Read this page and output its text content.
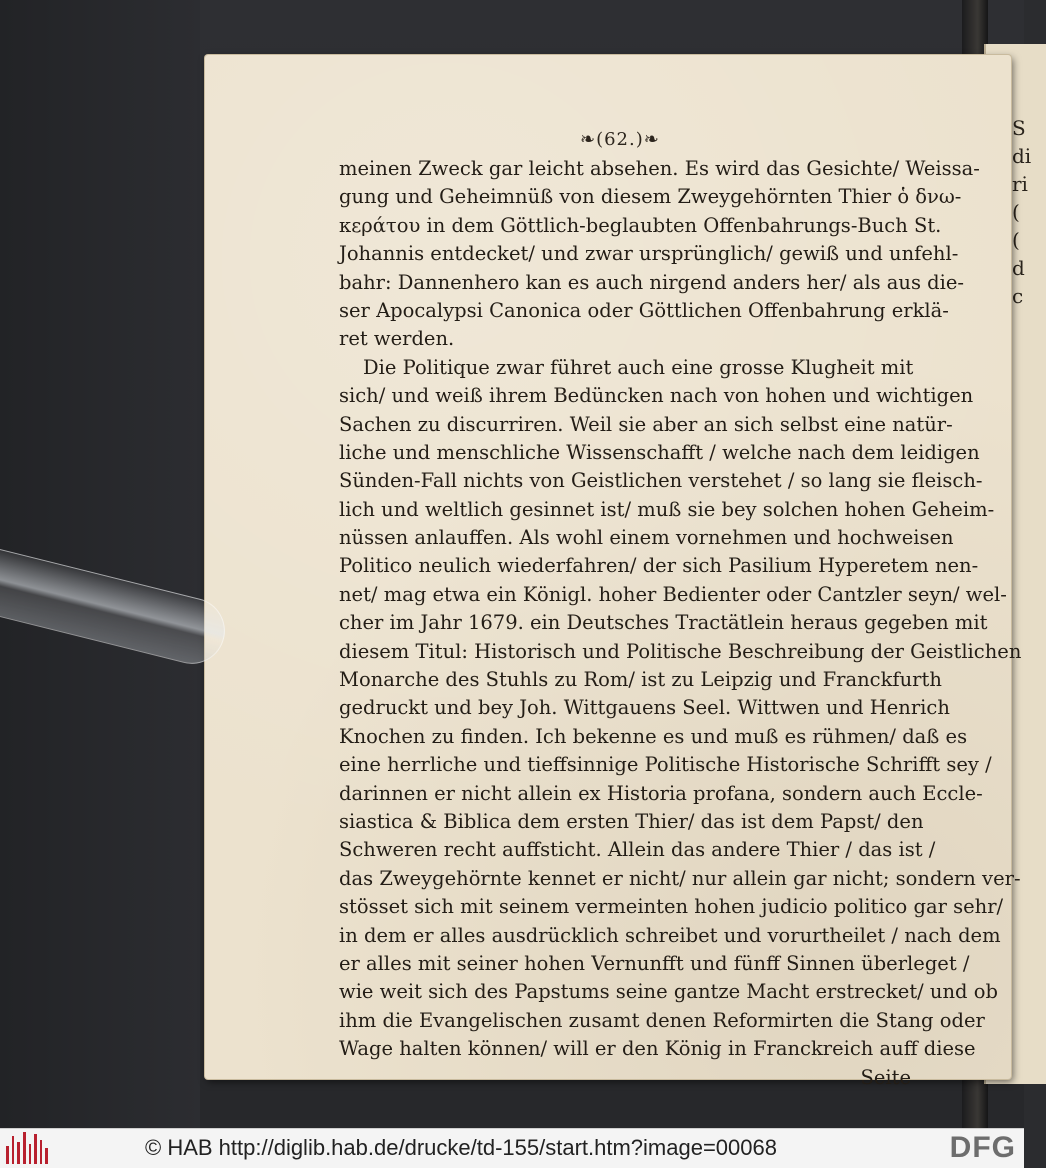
S
di
ri
(
(
d
c
❧(62.)❧
meinen Zweck gar leicht absehen. Es wird das Gesichte/ Weissa-
gung und Geheimnüß von diesem Zweygehörnten Thier ὁ δνω-
κεράτου in dem Göttlich-beglaubten Offenbahrungs-Buch St.
Johannis entdecket/ und zwar ursprünglich/ gewiß und unfehl-
bahr: Dannenhero kan es auch nirgend anders her/ als aus die-
ser Apocalypsi Canonica oder Göttlichen Offenbahrung erklä-
ret werden.
Die Politique zwar führet auch eine grosse Klugheit mit
sich/ und weiß ihrem Bedüncken nach von hohen und wichtigen
Sachen zu discurriren. Weil sie aber an sich selbst eine natür-
liche und menschliche Wissenschafft / welche nach dem leidigen
Sünden-Fall nichts von Geistlichen verstehet / so lang sie fleisch-
lich und weltlich gesinnet ist/ muß sie bey solchen hohen Geheim-
nüssen anlauffen. Als wohl einem vornehmen und hochweisen
Politico neulich wiederfahren/ der sich Pasilium Hyperetem nen-
net/ mag etwa ein Königl. hoher Bedienter oder Cantzler seyn/ wel-
cher im Jahr 1679. ein Deutsches Tractätlein heraus gegeben mit
diesem Titul: Historisch und Politische Beschreibung der Geistlichen
Monarche des Stuhls zu Rom/ ist zu Leipzig und Franckfurth
gedruckt und bey Joh. Wittgauens Seel. Wittwen und Henrich
Knochen zu finden. Ich bekenne es und muß es rühmen/ daß es
eine herrliche und tieffsinnige Politische Historische Schrifft sey /
darinnen er nicht allein ex Historia profana, sondern auch Eccle-
siastica & Biblica dem ersten Thier/ das ist dem Papst/ den
Schweren recht auffsticht. Allein das andere Thier / das ist /
das Zweygehörnte kennet er nicht/ nur allein gar nicht; sondern ver-
stösset sich mit seinem vermeinten hohen judicio politico gar sehr/
in dem er alles ausdrücklich schreibet und vorurtheilet / nach dem
er alles mit seiner hohen Vernunfft und fünff Sinnen überleget /
wie weit sich des Papstums seine gantze Macht erstrecket/ und ob
ihm die Evangelischen zusamt denen Reformirten die Stang oder
Wage halten können/ will er den König in Franckreich auff diese
Seite
© HAB http://diglib.hab.de/drucke/td-155/start.htm?image=00068	DFG
